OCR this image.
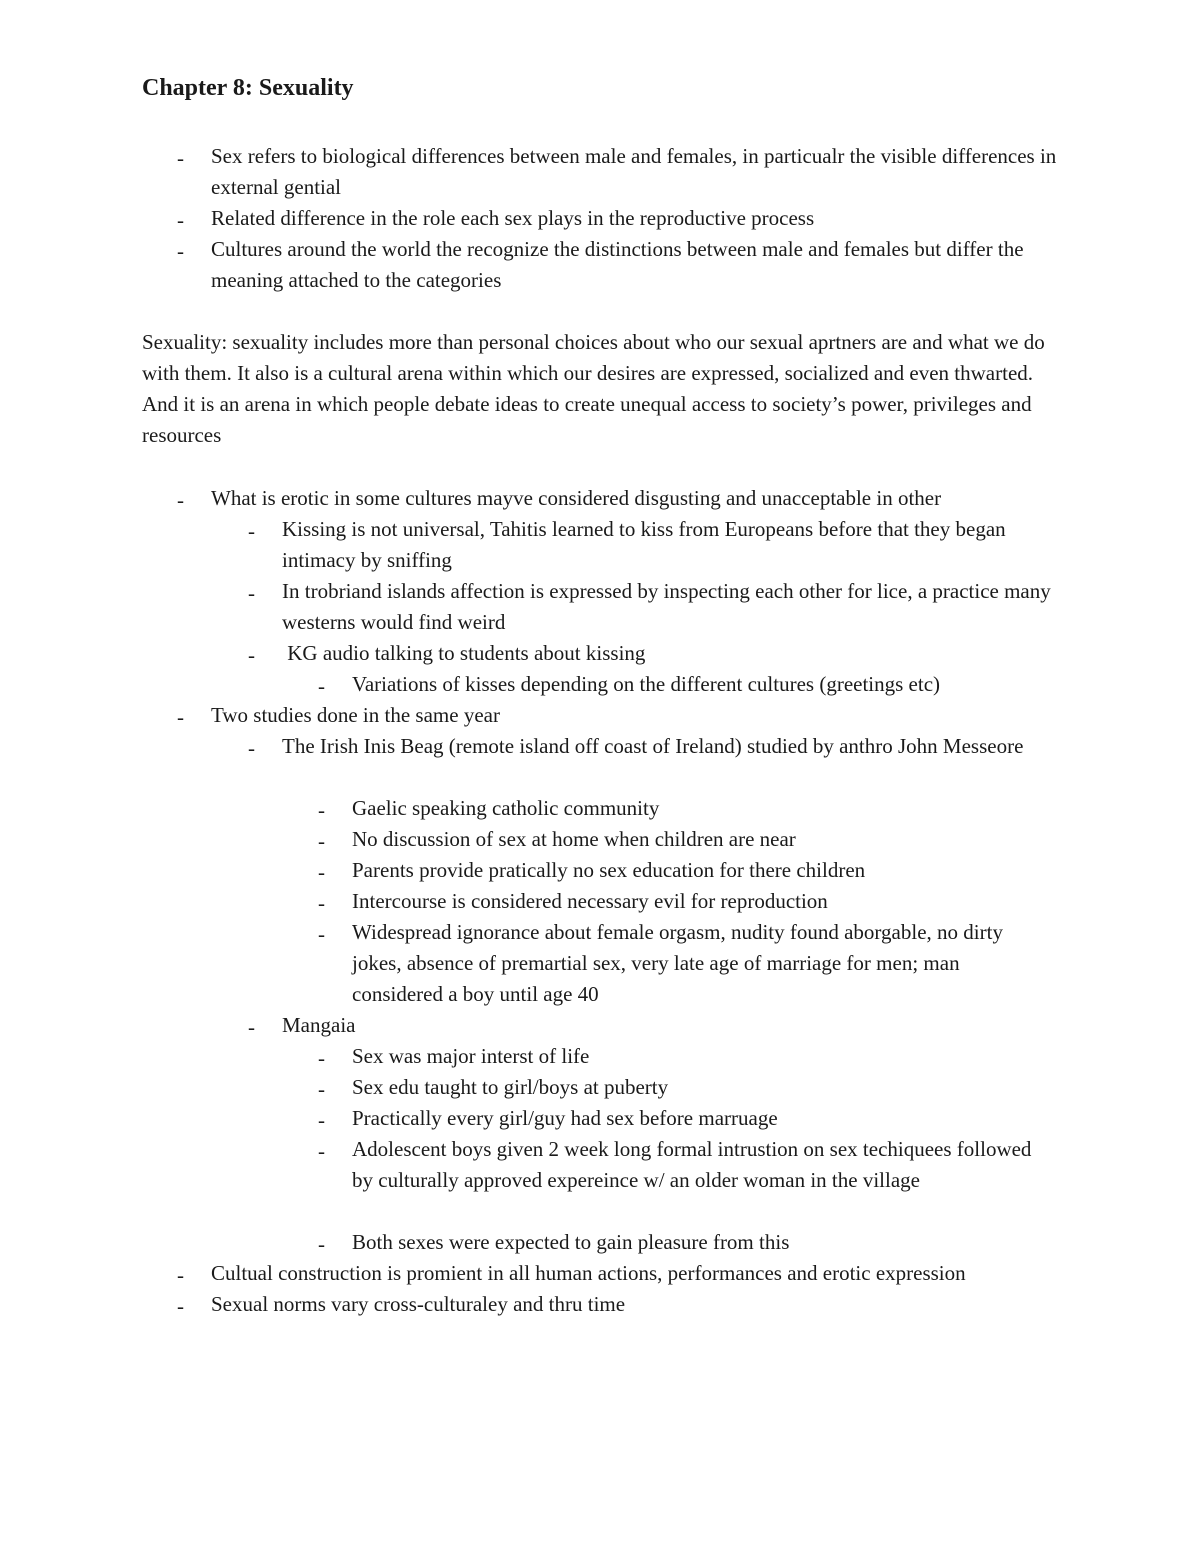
Chapter 8: Sexuality
- Sex refers to biological differences between male and females, in particualr the visible differences in external gential
- Related difference in the role each sex plays in the reproductive process
- Cultures around the world the recognize the distinctions between male and females but differ the meaning attached to the categories
Sexuality: sexuality includes more than personal choices about who our sexual aprtners are and what we do with them. It also is a cultural arena within which our desires are expressed, socialized and even thwarted. And it is an arena in which people debate ideas to create unequal access to society’s power, privileges and resources
- What is erotic in some cultures mayve considered disgusting and unacceptable in other
- Kissing is not universal, Tahitis learned to kiss from Europeans before that they began intimacy by sniffing
- In trobriand islands affection is expressed by inspecting each other for lice, a practice many westerns would find weird
- KG audio talking to students about kissing
- Variations of kisses depending on the different cultures (greetings etc)
- Two studies done in the same year
- The Irish Inis Beag (remote island off coast of Ireland) studied by anthro John Messeore
- Gaelic speaking catholic community
- No discussion of sex at home when children are near
- Parents provide pratically no sex education for there children
- Intercourse is considered necessary evil for reproduction
- Widespread ignorance about female orgasm, nudity found aborgable, no dirty jokes, absence of premartial sex, very late age of marriage for men; man considered a boy until age 40
- Mangaia
- Sex was major interst of life
- Sex edu taught to girl/boys at puberty
- Practically every girl/guy had sex before marruage
- Adolescent boys given 2 week long formal intrustion on sex techiquees followed by culturally approved expereince w/ an older woman in the village
- Both sexes were expected to gain pleasure from this
- Cultual construction is promient in all human actions, performances and erotic expression
- Sexual norms vary cross-culturaley and thru time
